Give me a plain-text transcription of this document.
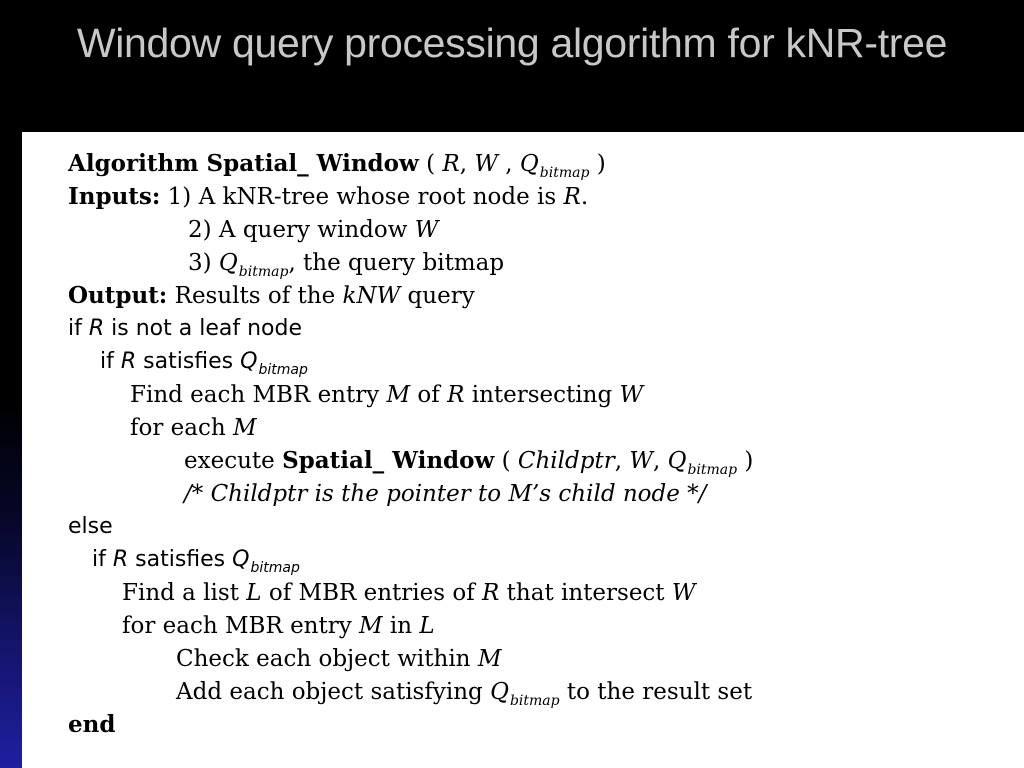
Window query processing algorithm for kNR-tree
Algorithm Spatial_ Window ( R, W , $Q_{bitmap}$ )
Inputs: 1) A kNR-tree whose root node is R.
2) A query window W
3) $Q_{bitmap}$, the query bitmap
Output: Results of the kNW query
if R is not a leaf node
if R satisfies $Q_{bitmap}$
Find each MBR entry M of R intersecting W
for each M
execute Spatial_ Window ( Childptr, W, $Q_{bitmap}$ )
/* Childptr is the pointer to M’s child node */
else
if R satisfies $Q_{bitmap}$
Find a list L of MBR entries of R that intersect W
for each MBR entry M in L
Check each object within M
Add each object satisfying $Q_{bitmap}$ to the result set
end
